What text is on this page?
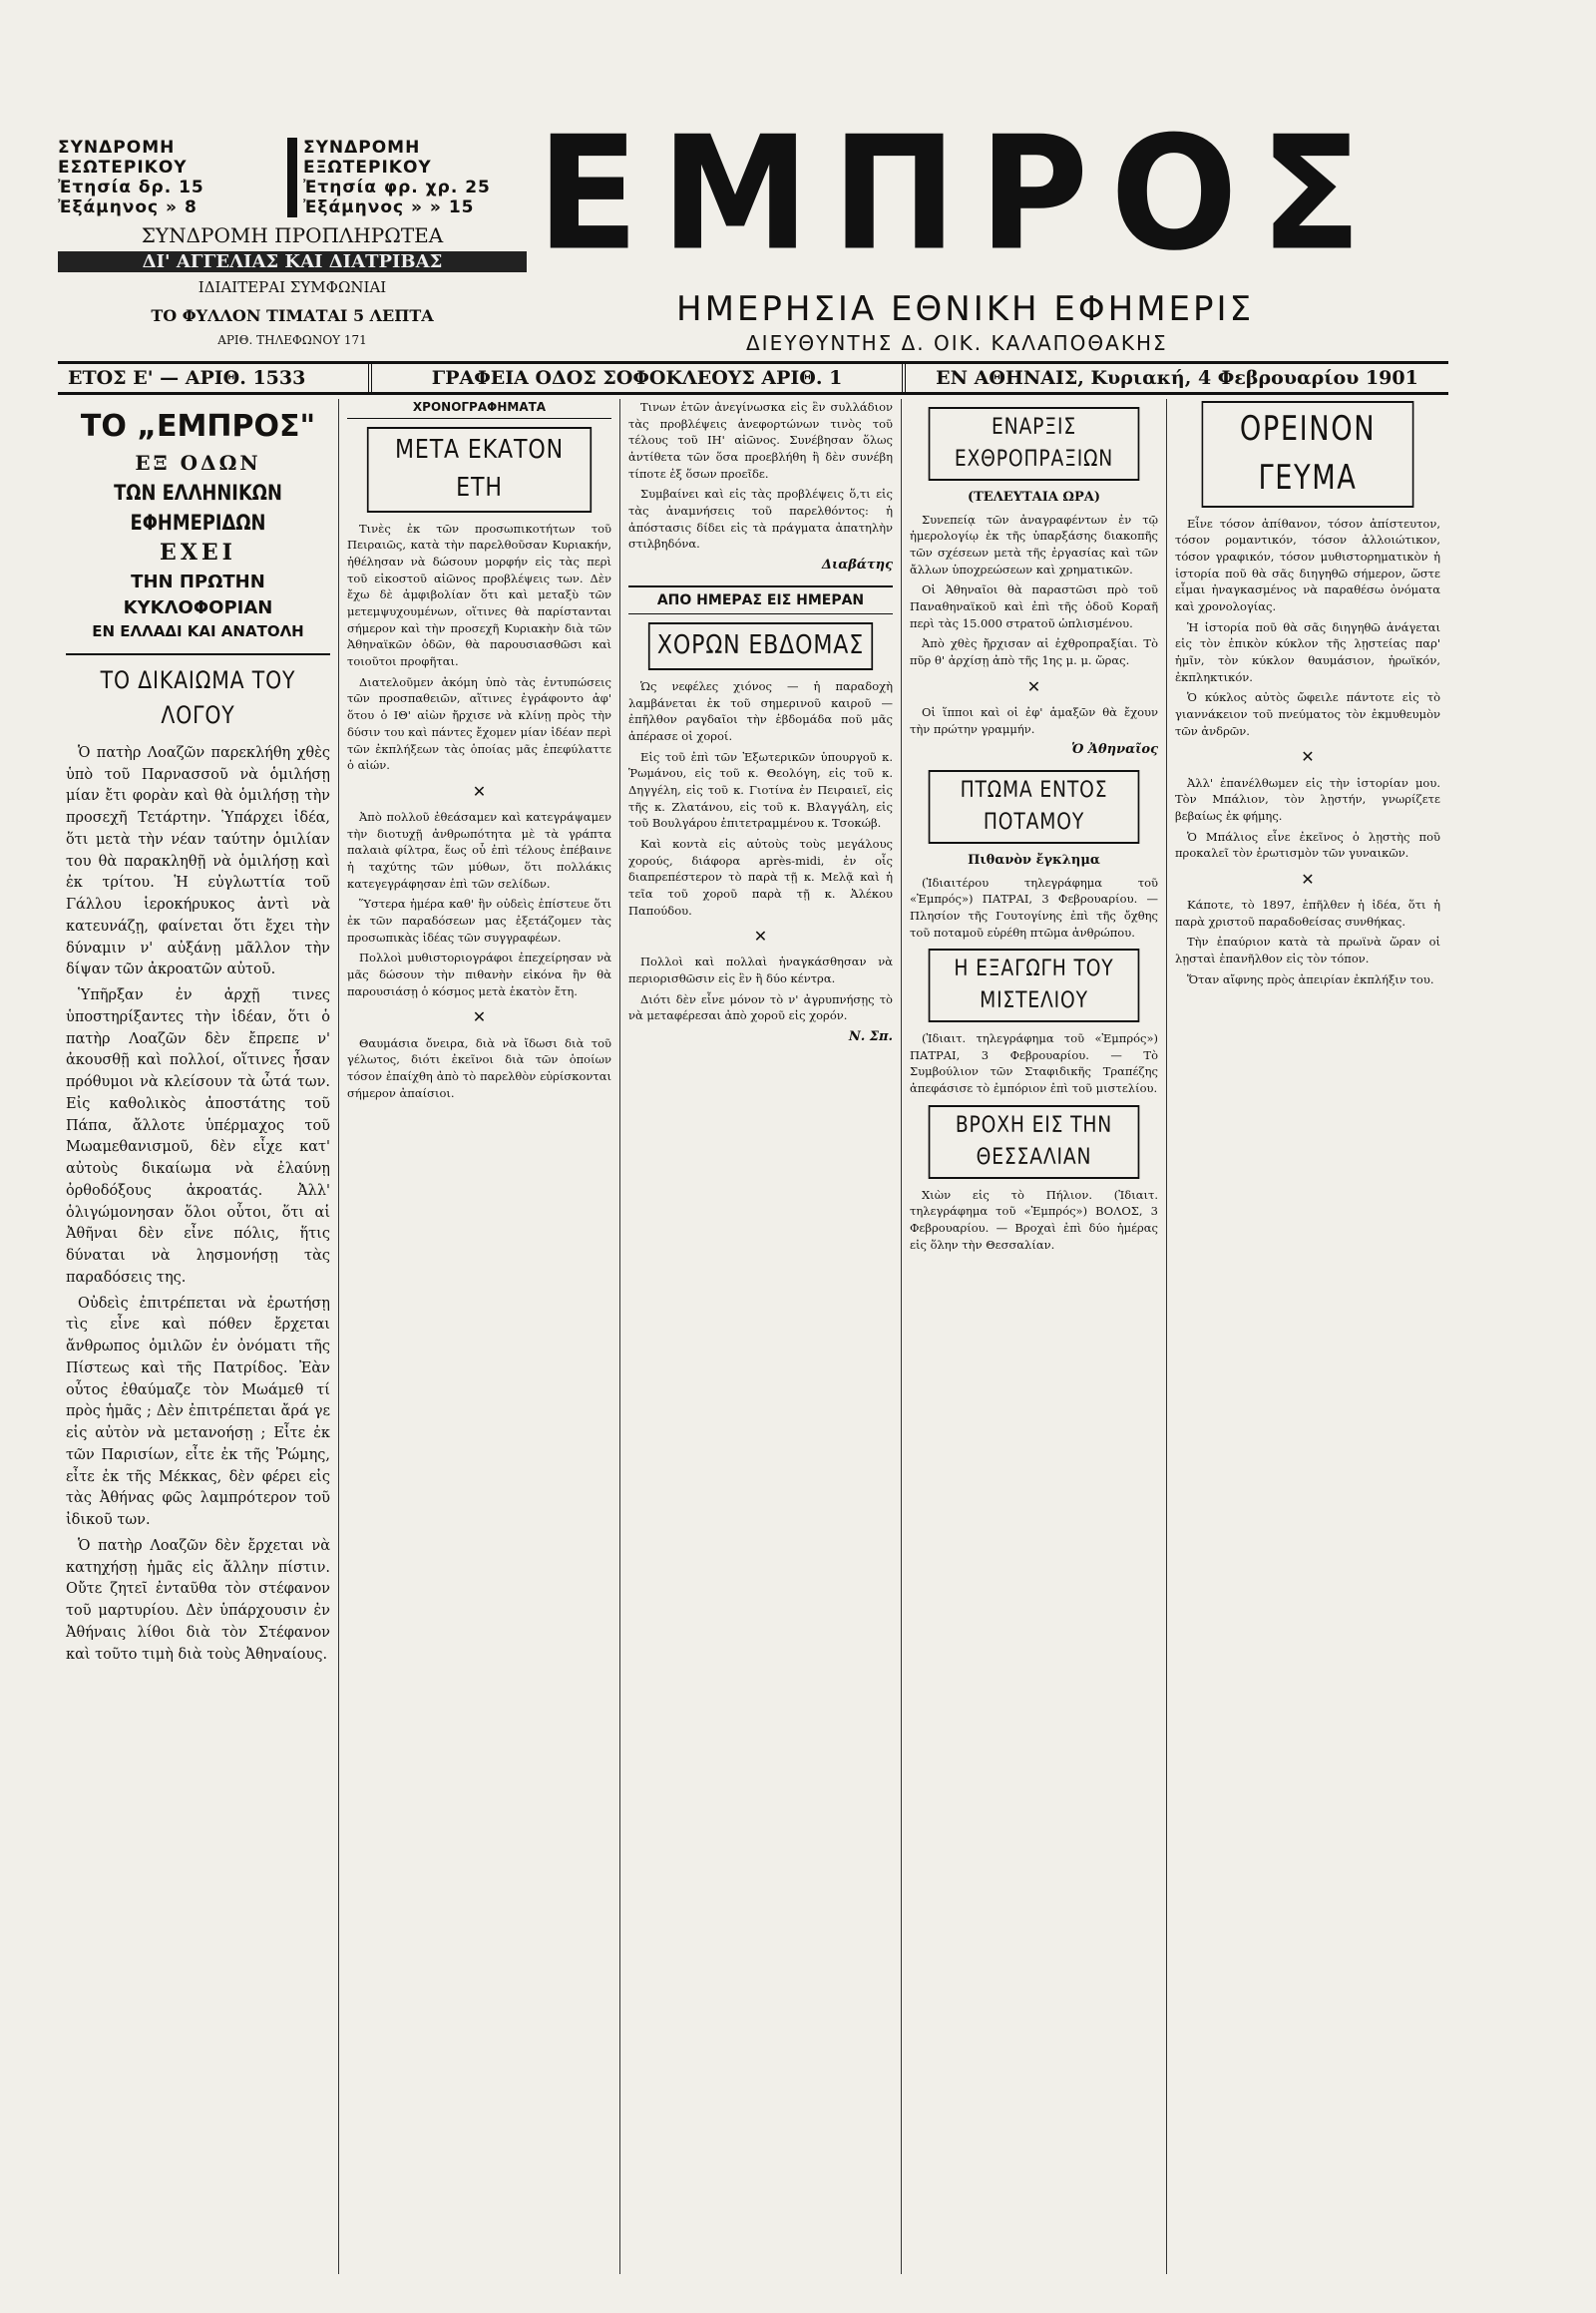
ΣΥΝΔΡΟΜΗ ΕΣΩΤΕΡΙΚΟΥ
Ἐτησία δρ. 15
Ἐξάμηνος » 8
ΣΥΝΔΡΟΜΗ ΕΞΩΤΕΡΙΚΟΥ
Ἐτησία φρ. χρ. 25
Ἐξάμηνος » » 15
ΣΥΝΔΡΟΜΗ ΠΡΟΠΛΗΡΩΤΕΑ
ΔΙ' ΑΓΓΕΛΙΑΣ ΚΑΙ ΔΙΑΤΡΙΒΑΣ
ΙΔΙΑΙΤΕΡΑΙ ΣΥΜΦΩΝΙΑΙ
ΤΟ ΦΥΛΛΟΝ ΤΙΜΑΤΑΙ 5 ΛΕΠΤΑ
ΑΡΙΘ. ΤΗΛΕΦΩΝΟΥ 171
ΕΜΠΡΟΣ
ΗΜΕΡΗΣΙΑ ΕΘΝΙΚΗ ΕΦΗΜΕΡΙΣ
ΔΙΕΥΘΥΝΤΗΣ Δ. ΟΙΚ. ΚΑΛΑΠΟΘΑΚΗΣ
ΕΤΟΣ Ε' — ΑΡΙΘ. 1533	ΓΡΑΦΕΙΑ ΟΔΟΣ ΣΟΦΟΚΛΕΟΥΣ ΑΡΙΘ. 1	ΕΝ ΑΘΗΝΑΙΣ, Κυριακή, 4 Φεβρουαρίου 1901
ΤΟ „ΕΜΠΡΟΣ"
ΕΞ ΟΔΩΝ
ΤΩΝ ΕΛΛΗΝΙΚΩΝ ΕΦΗΜΕΡΙΔΩΝ
ΕΧΕΙ
ΤΗΝ ΠΡΩΤΗΝ ΚΥΚΛΟΦΟΡΙΑΝ
ΕΝ ΕΛΛΑΔΙ ΚΑΙ ΑΝΑΤΟΛΗ
ΤΟ ΔΙΚΑΙΩΜΑ ΤΟΥ ΛΟΓΟΥ

Ὁ πατὴρ Λοαζῶν παρεκλήθη χθὲς ὑπὸ τοῦ Παρνασσοῦ νὰ ὁμιλήσῃ μίαν ἔτι φορὰν καὶ θὰ ὁμιλήσῃ τὴν προσεχῆ Τετάρτην. Ὑπάρχει ἰδέα, ὅτι μετὰ τὴν νέαν ταύτην ὁμιλίαν του θὰ παρακληθῇ νὰ ὁμιλήσῃ καὶ ἐκ τρίτου. Ἡ εὐγλωττία τοῦ Γάλλου ἱεροκήρυκος ἀντὶ νὰ κατευνάζῃ, φαίνεται ὅτι ἔχει τὴν δύναμιν ν' αὐξάνῃ μᾶλλον τὴν δίψαν τῶν ἀκροατῶν αὐτοῦ.

Ὑπῆρξαν ἐν ἀρχῇ τινες ὑποστηρίξαντες τὴν ἰδέαν, ὅτι ὁ πατὴρ Λοαζῶν δὲν ἔπρεπε ν' ἀκουσθῇ καὶ πολλοί, οἵτινες ἦσαν πρόθυμοι νὰ κλείσουν τὰ ὦτά των. Εἰς καθολικὸς ἀποστάτης τοῦ Πάπα, ἄλλοτε ὑπέρμαχος τοῦ Μωαμεθανισμοῦ, δὲν εἶχε κατ' αὐτοὺς δικαίωμα νὰ ἐλαύνῃ ὀρθοδόξους ἀκροατάς. Ἀλλ' ὁλιγώμονησαν ὅλοι οὗτοι, ὅτι αἱ Ἀθῆναι δὲν εἶνε πόλις, ἥτις δύναται νὰ λησμονήσῃ τὰς παραδόσεις της.

Οὐδεὶς ἐπιτρέπεται νὰ ἐρωτήσῃ τὶς εἶνε καὶ πόθεν ἔρχεται ἄνθρωπος ὁμιλῶν ἐν ὀνόματι τῆς Πίστεως καὶ τῆς Πατρίδος. Ἐὰν οὗτος ἐθαύμαζε τὸν Μωάμεθ τί πρὸς ἡμᾶς ; Δὲν ἐπιτρέπεται ἄρά γε εἰς αὐτὸν νὰ μετανοήσῃ ; Εἶτε ἐκ τῶν Παρισίων, εἶτε ἐκ τῆς Ῥώμης, εἶτε ἐκ τῆς Μέκκας, δὲν φέρει εἰς τὰς Ἀθήνας φῶς λαμπρότερον τοῦ ἰδικοῦ των.

Ὁ πατὴρ Λοαζῶν δὲν ἔρχεται νὰ κατηχήσῃ ἡμᾶς εἰς ἄλλην πίστιν. Οὔτε ζητεῖ ἐνταῦθα τὸν στέφανον τοῦ μαρτυρίου. Δὲν ὑπάρχουσιν ἐν Ἀθήναις λίθοι διὰ τὸν Στέφανον καὶ τοῦτο τιμὴ διὰ τοὺς Ἀθηναίους.

ΧΡΟΝΟΓΡΑΦΗΜΑΤΑ
ΜΕΤΑ ΕΚΑΤΟΝ ΕΤΗ

Τινὲς ἐκ τῶν προσωπικοτήτων τοῦ Πειραιῶς, κατὰ τὴν παρελθοῦσαν Κυριακήν, ἠθέλησαν νὰ δώσουν μορφήν εἰς τὰς περὶ τοῦ εἰκοστοῦ αἰῶνος προβλέψεις των. Δὲν ἔχω δὲ ἀμφιβολίαν ὅτι καὶ μεταξὺ τῶν μετεμψυχουμένων, οἵτινες θὰ παρίστανται σήμερον καὶ τὴν προσεχῆ Κυριακὴν διὰ τῶν Ἀθηναϊκῶν ὁδῶν, θὰ παρουσιασθῶσι καὶ τοιοῦτοι προφῆται.

Διατελοῦμεν ἀκόμη ὑπὸ τὰς ἐντυπώσεις τῶν προσπαθειῶν, αἵτινες ἐγράφοντο ἀφ' ὅτου ὁ ΙΘ' αἰὼν ἤρχισε νὰ κλίνῃ πρὸς τὴν δύσιν του καὶ πάντες ἔχομεν μίαν ἰδέαν περὶ τῶν ἐκπλήξεων τὰς ὁποίας μᾶς ἐπεφύλαττε ὁ αἰών.

✕

Ἀπὸ πολλοῦ ἐθεάσαμεν καὶ κατεγράψαμεν τὴν διοτυχῇ ἀνθρωπότητα μὲ τὰ γράπτα παλαιὰ φίλτρα, ἕως οὗ ἐπὶ τέλους ἐπέβαινε ἡ ταχύτης τῶν μύθων, ὅτι πολλάκις κατεγεγράφησαν ἐπὶ τῶν σελίδων.

Ὕστερα ἡμέρα καθ' ἣν οὐδεὶς ἐπίστευε ὅτι ἐκ τῶν παραδόσεων μας ἐξετάζομεν τὰς προσωπικὰς ἰδέας τῶν συγγραφέων.

Πολλοὶ μυθιστοριογράφοι ἐπεχείρησαν νὰ μᾶς δώσουν τὴν πιθανὴν εἰκόνα ἢν θὰ παρουσιάσῃ ὁ κόσμος μετὰ ἑκατὸν ἔτη.

✕

Θαυμάσια ὄνειρα, διὰ νὰ ἴδωσι διὰ τοῦ γέλωτος, διότι ἐκεῖνοι διὰ τῶν ὁποίων τόσον ἐπαίχθη ἀπὸ τὸ παρελθὸν εὑρίσκονται σήμερον ἀπαίσιοι.

Τινων ἐτῶν ἀνεγίνωσκα εἰς ἓν συλλάδιον τὰς προβλέψεις ἀνεφορτώνων τινὸς τοῦ τέλους τοῦ ΙΗ' αἰῶνος. Συνέβησαν ὅλως ἀντίθετα τῶν ὅσα προεβλήθη ἢ δὲν συνέβη τίποτε ἐξ ὅσων προεῖδε.

Συμβαίνει καὶ εἰς τὰς προβλέψεις ὅ,τι εἰς τὰς ἀναμνήσεις τοῦ παρελθόντος: ἡ ἀπόστασις δίδει εἰς τὰ πράγματα ἀπατηλὴν στιλβηδόνα.

Διαβάτης
ΑΠΟ ΗΜΕΡΑΣ ΕΙΣ ΗΜΕΡΑΝ
ΧΟΡΩΝ ΕΒΔΟΜΑΣ

Ὡς νεφέλες χιόνος — ἡ παραδοχὴ λαμβάνεται ἐκ τοῦ σημερινοῦ καιροῦ — ἐπῆλθον ραγδαῖοι τὴν ἑβδομάδα ποῦ μᾶς ἀπέρασε οἱ χοροί.

Εἰς τοῦ ἐπὶ τῶν Ἐξωτερικῶν ὑπουργοῦ κ. Ῥωμάνου, εἰς τοῦ κ. Θεολόγη, εἰς τοῦ κ. Δηγγέλη, εἰς τοῦ κ. Γιοτίνα ἐν Πειραιεῖ, εἰς τῆς κ. Ζλατάνου, εἰς τοῦ κ. Βλαγγάλη, εἰς τοῦ Βουλγάρου ἐπιτετραμμένου κ. Τσοκώβ.

Καὶ κοντὰ εἰς αὐτοὺς τοὺς μεγάλους χορούς, διάφορα après-midi, ἐν οἷς διαπρεπέστερον τὸ παρὰ τῇ κ. Μελᾷ καὶ ἡ τεῖα τοῦ χοροῦ παρὰ τῇ κ. Ἀλέκου Παπούδου.

✕

Πολλοὶ καὶ πολλαὶ ἠναγκάσθησαν νὰ περιορισθῶσιν εἰς ἓν ἢ δύο κέντρα.

Διότι δὲν εἶνε μόνον τὸ ν' ἀγρυπνήσῃς τὸ νὰ μεταφέρεσαι ἀπὸ χοροῦ εἰς χορόν.

Ν. Σπ.
ΕΝΑΡΞΙΣ ΕΧΘΡΟΠΡΑΞΙΩΝ
(ΤΕΛΕΥΤΑΙΑ ΩΡΑ)

Συνεπείᾳ τῶν ἀναγραφέντων ἐν τῷ ἡμερολογίῳ ἐκ τῆς ὑπαρξάσης διακοπῆς τῶν σχέσεων μετὰ τῆς ἐργασίας καὶ τῶν ἄλλων ὑποχρεώσεων καὶ χρηματικῶν.

Οἱ Ἀθηναῖοι θὰ παραστῶσι πρὸ τοῦ Παναθηναϊκοῦ καὶ ἐπὶ τῆς ὁδοῦ Κοραῆ περὶ τὰς 15.000 στρατοῦ ὡπλισμένου.

Ἀπὸ χθὲς ἤρχισαν αἱ ἐχθροπραξίαι. Τὸ πῦρ θ' ἀρχίσῃ ἀπὸ τῆς 1ης μ. μ. ὥρας.

✕

Οἱ ἵπποι καὶ οἱ ἐφ' ἁμαξῶν θὰ ἔχουν τὴν πρώτην γραμμήν.

Ὁ Ἀθηναῖος
ΠΤΩΜΑ ΕΝΤΟΣ ΠΟΤΑΜΟΥ
Πιθανὸν ἔγκλημα

(Ἰδιαιτέρου τηλεγράφημα τοῦ «Ἐμπρός») ΠΑΤΡΑΙ, 3 Φεβρουαρίου. — Πλησίον τῆς Γουτογίνης ἐπὶ τῆς ὄχθης τοῦ ποταμοῦ εὑρέθη πτῶμα ἀνθρώπου.

Η ΕΞΑΓΩΓΗ ΤΟΥ ΜΙΣΤΕΛΙΟΥ

(Ἰδιαιτ. τηλεγράφημα τοῦ «Ἐμπρός») ΠΑΤΡΑΙ, 3 Φεβρουαρίου. — Τὸ Συμβούλιον τῶν Σταφιδικῆς Τραπέζης ἀπεφάσισε τὸ ἐμπόριον ἐπὶ τοῦ μιστελίου.

ΒΡΟΧΗ ΕΙΣ ΤΗΝ ΘΕΣΣΑΛΙΑΝ

Χιὼν εἰς τὸ Πήλιον. (Ἰδιαιτ. τηλεγράφημα τοῦ «Ἐμπρός») ΒΟΛΟΣ, 3 Φεβρουαρίου. — Βροχαὶ ἐπὶ δύο ἡμέρας εἰς ὅλην τὴν Θεσσαλίαν.

ΟΡΕΙΝΟΝ ΓΕΥΜΑ

Εἶνε τόσον ἀπίθανον, τόσον ἀπίστευτον, τόσον ρομαντικόν, τόσον ἀλλοιώτικον, τόσον γραφικόν, τόσον μυθιστορηματικὸν ἡ ἱστορία ποῦ θὰ σᾶς διηγηθῶ σήμερον, ὥστε εἶμαι ἠναγκασμένος νὰ παραθέσω ὀνόματα καὶ χρονολογίας.

Ἡ ἱστορία ποῦ θὰ σᾶς διηγηθῶ ἀνάγεται εἰς τὸν ἐπικὸν κύκλον τῆς λῃστείας παρ' ἡμῖν, τὸν κύκλον θαυμάσιον, ἡρωϊκόν, ἐκπληκτικόν.

Ὁ κύκλος αὐτὸς ὤφειλε πάντοτε εἰς τὸ γιαννάκειον τοῦ πνεύματος τὸν ἐκμυθευμὸν τῶν ἀνδρῶν.

✕

Ἀλλ' ἐπανέλθωμεν εἰς τὴν ἱστορίαν μου. Τὸν Μπάλιον, τὸν λῃστήν, γνωρίζετε βεβαίως ἐκ φήμης.

Ὁ Μπάλιος εἶνε ἐκεῖνος ὁ λῃστὴς ποῦ προκαλεῖ τὸν ἐρωτισμὸν τῶν γυναικῶν.

✕

Κάποτε, τὸ 1897, ἐπῆλθεν ἡ ἰδέα, ὅτι ἡ παρὰ χριστοῦ παραδοθείσας συνθήκας.

Τὴν ἐπαύριον κατὰ τὰ πρωϊνὰ ὥραν οἱ λῃσταὶ ἐπανῆλθον εἰς τὸν τόπον.

Ὅταν αἴφνης πρὸς ἀπειρίαν ἐκπλήξιν του.
